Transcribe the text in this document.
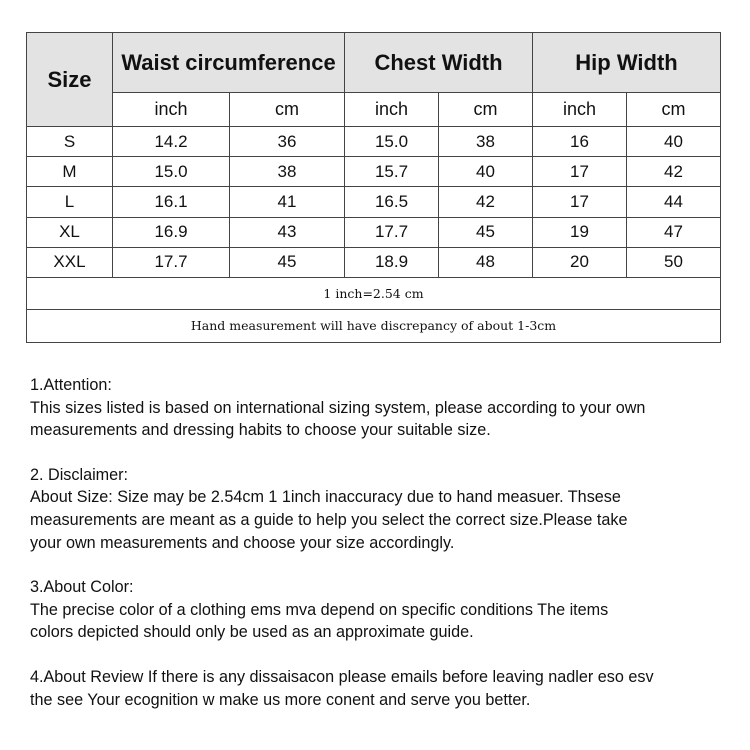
Size	Waist circumference		Chest Width		Hip Width	
	inch	cm	inch	cm	inch	cm
S	14.2	36	15.0	38	16	40
M	15.0	38	15.7	40	17	42
L	16.1	41	16.5	42	17	44
XL	16.9	43	17.7	45	19	47
XXL	17.7	45	18.9	48	20	50
1 inch=2.54 cm						
Hand measurement will have discrepancy of about 1-3cm						

1.Attention:
This sizes listed is based on international sizing system, please according to your own
measurements and dressing habits to choose your suitable size.

2. Disclaimer:
About Size: Size may be 2.54cm 1 1inch inaccuracy due to hand measuer. Thsese
measurements are meant as a guide to help you select the correct size.Please take
your own measurements and choose your size accordingly.

3.About Color:
The precise color of a clothing ems mva depend on specific conditions The items
colors depicted should only be used as an approximate guide.

4.About Review If there is any dissaisacon please emails before leaving nadler eso esv
the see Your ecognition w make us more conent and serve you better.
